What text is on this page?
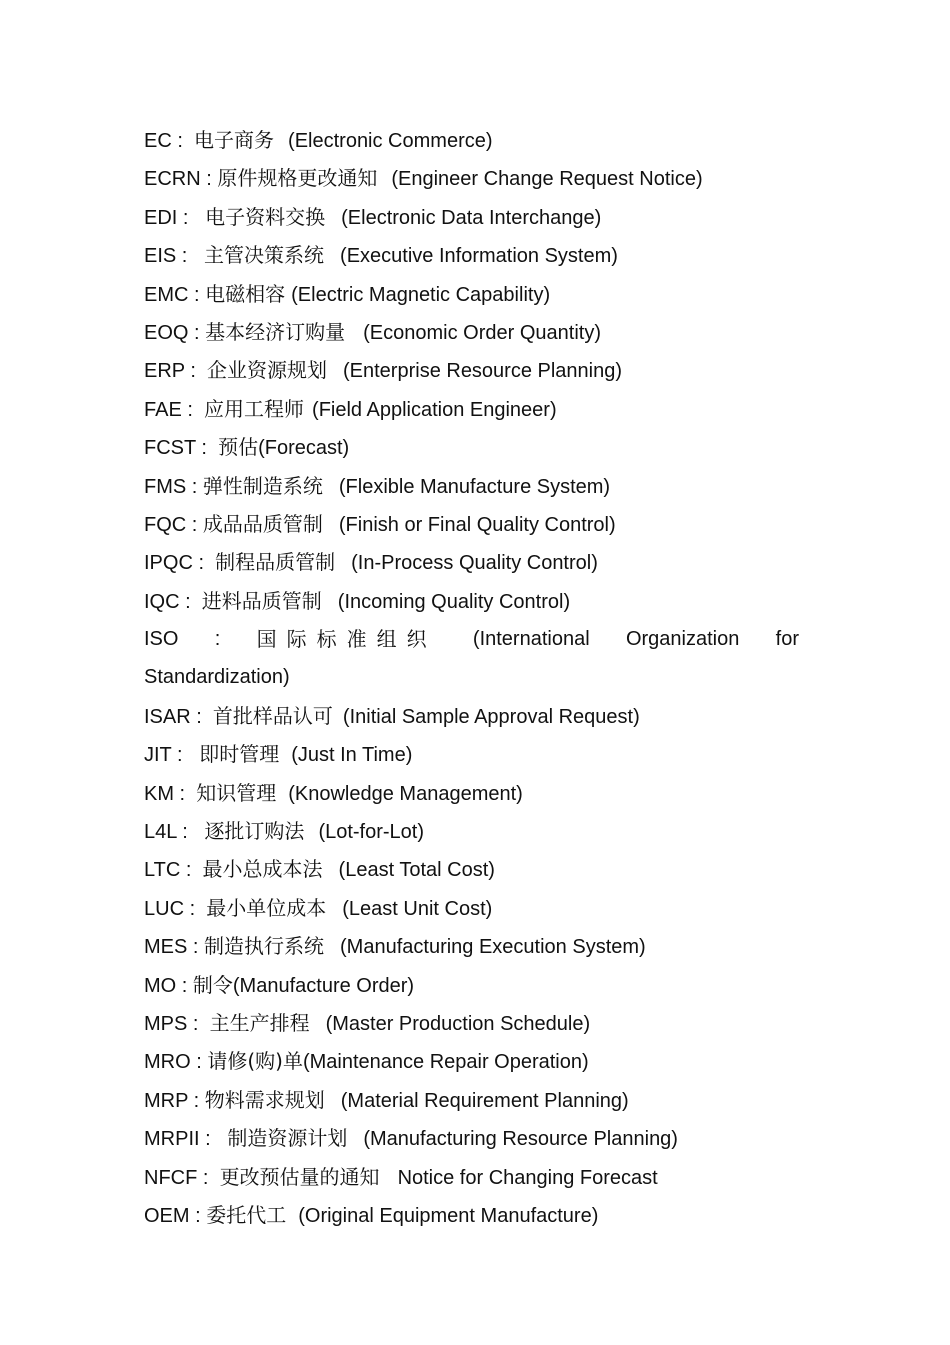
EC :  电子商务 (Electronic Commerce)
ECRN : 原件规格更改通知 (Engineer Change Request Notice)
EDI :   电子资料交换 (Electronic Data Interchange)
EIS :   主管决策系统 (Executive Information System)
EMC : 电磁相容 (Electric Magnetic Capability)
EOQ : 基本经济订购量 (Economic Order Quantity)
ERP :  企业资源规划 (Enterprise Resource Planning)
FAE :  应用工程师 (Field Application Engineer)
FCST :  预估(Forecast)
FMS : 弹性制造系统 (Flexible Manufacture System)
FQC : 成品品质管制 (Finish or Final Quality Control)
IPQC :  制程品质管制 (In-Process Quality Control)
IQC :  进料品质管制 (Incoming Quality Control)
ISO : 国际标准组织 (International Organization for
Standardization)
ISAR :  首批样品认可 (Initial Sample Approval Request)
JIT :   即时管理 (Just In Time)
KM :  知识管理 (Knowledge Management)
L4L :   逐批订购法 (Lot-for-Lot)
LTC :  最小总成本法 (Least Total Cost)
LUC :  最小单位成本 (Least Unit Cost)
MES : 制造执行系统 (Manufacturing Execution System)
MO : 制令(Manufacture Order)
MPS :  主生产排程 (Master Production Schedule)
MRO : 请修(购)单(Maintenance Repair Operation)
MRP : 物料需求规划 (Material Requirement Planning)
MRPII :   制造资源计划 (Manufacturing Resource Planning)
NFCF :  更改预估量的通知 Notice for Changing Forecast
OEM : 委托代工 (Original Equipment Manufacture)
